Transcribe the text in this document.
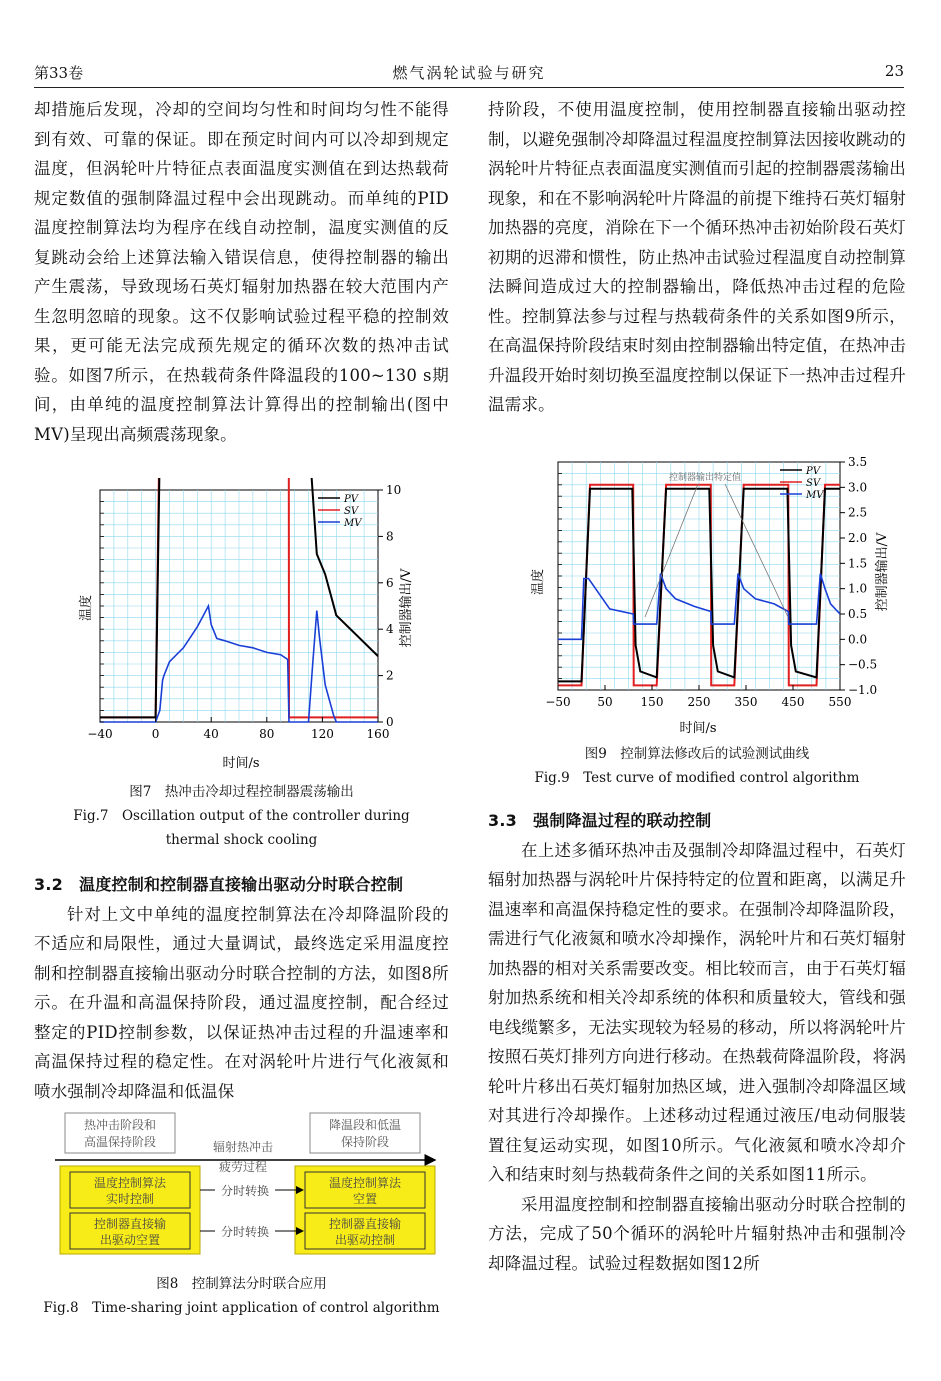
第33卷	燃气涡轮试验与研究	23

却措施后发现，冷却的空间均匀性和时间均匀性不能得到有效、可靠的保证。即在预定时间内可以冷却到规定温度，但涡轮叶片特征点表面温度实测值在到达热载荷规定数值的强制降温过程中会出现跳动。而单纯的PID温度控制算法均为程序在线自动控制，温度实测值的反复跳动会给上述算法输入错误信息，使得控制器的输出产生震荡，导致现场石英灯辐射加热器在较大范围内产生忽明忽暗的现象。这不仅影响试验过程平稳的控制效果，更可能无法完成预先规定的循环次数的热冲击试验。如图7所示，在热载荷条件降温段的100~130 s期间，由单纯的温度控制算法计算得出的控制输出(图中MV)呈现出高频震荡现象。

−40	0	40	80	120	160
0
2
4
6
8
10
PV
SV
MV
温度	控制器输出/V
时间/s
图7　热冲击冷却过程控制器震荡输出
Fig.7　Oscillation output of the controller during
thermal shock cooling

3.2　温度控制和控制器直接输出驱动分时联合控制

针对上文中单纯的温度控制算法在冷却降温阶段的不适应和局限性，通过大量调试，最终选定采用温度控制和控制器直接输出驱动分时联合控制的方法，如图8所示。在升温和高温保持阶段，通过温度控制，配合经过整定的PID控制参数，以保证热冲击过程的升温速率和高温保持过程的稳定性。在对涡轮叶片进行气化液氮和喷水强制冷却降温和低温保

热冲击阶段和
高温保持阶段
降温段和低温
保持阶段
辐射热冲击
疲劳过程
温度控制算法
实时控制
控制器直接输
出驱动空置
温度控制算法
空置
控制器直接输
出驱动控制
分时转换
分时转换
图8　控制算法分时联合应用
Fig.8　Time-sharing joint application of control algorithm

持阶段，不使用温度控制，使用控制器直接输出驱动控制，以避免强制冷却降温过程温度控制算法因接收跳动的涡轮叶片特征点表面温度实测值而引起的控制器震荡输出现象，和在不影响涡轮叶片降温的前提下维持石英灯辐射加热器的亮度，消除在下一个循环热冲击初始阶段石英灯初期的迟滞和惯性，防止热冲击试验过程温度自动控制算法瞬间造成过大的控制器输出，降低热冲击过程的危险性。控制算法参与过程与热载荷条件的关系如图9所示，在高温保持阶段结束时刻由控制器输出特定值，在热冲击升温段开始时刻切换至温度控制以保证下一热冲击过程升温需求。

−50 50 150 250 350 450 550
−1.0
−0.5
0.0
0.5
1.0
1.5
2.0
2.5
3.0
3.5
PV
SV
MV
控制器输出特定值
温度	控制器输出/V
时间/s
图9　控制算法修改后的试验测试曲线
Fig.9　Test curve of modified control algorithm

3.3　强制降温过程的联动控制

在上述多循环热冲击及强制冷却降温过程中，石英灯辐射加热器与涡轮叶片保持特定的位置和距离，以满足升温速率和高温保持稳定性的要求。在强制冷却降温阶段，需进行气化液氮和喷水冷却操作，涡轮叶片和石英灯辐射加热器的相对关系需要改变。相比较而言，由于石英灯辐射加热系统和相关冷却系统的体积和质量较大，管线和强电线缆繁多，无法实现较为轻易的移动，所以将涡轮叶片按照石英灯排列方向进行移动。在热载荷降温阶段，将涡轮叶片移出石英灯辐射加热区域，进入强制冷却降温区域对其进行冷却操作。上述移动过程通过液压/电动伺服装置往复运动实现，如图10所示。气化液氮和喷水冷却介入和结束时刻与热载荷条件之间的关系如图11所示。

采用温度控制和控制器直接输出驱动分时联合控制的方法，完成了50个循环的涡轮叶片辐射热冲击和强制冷却降温过程。试验过程数据如图12所
